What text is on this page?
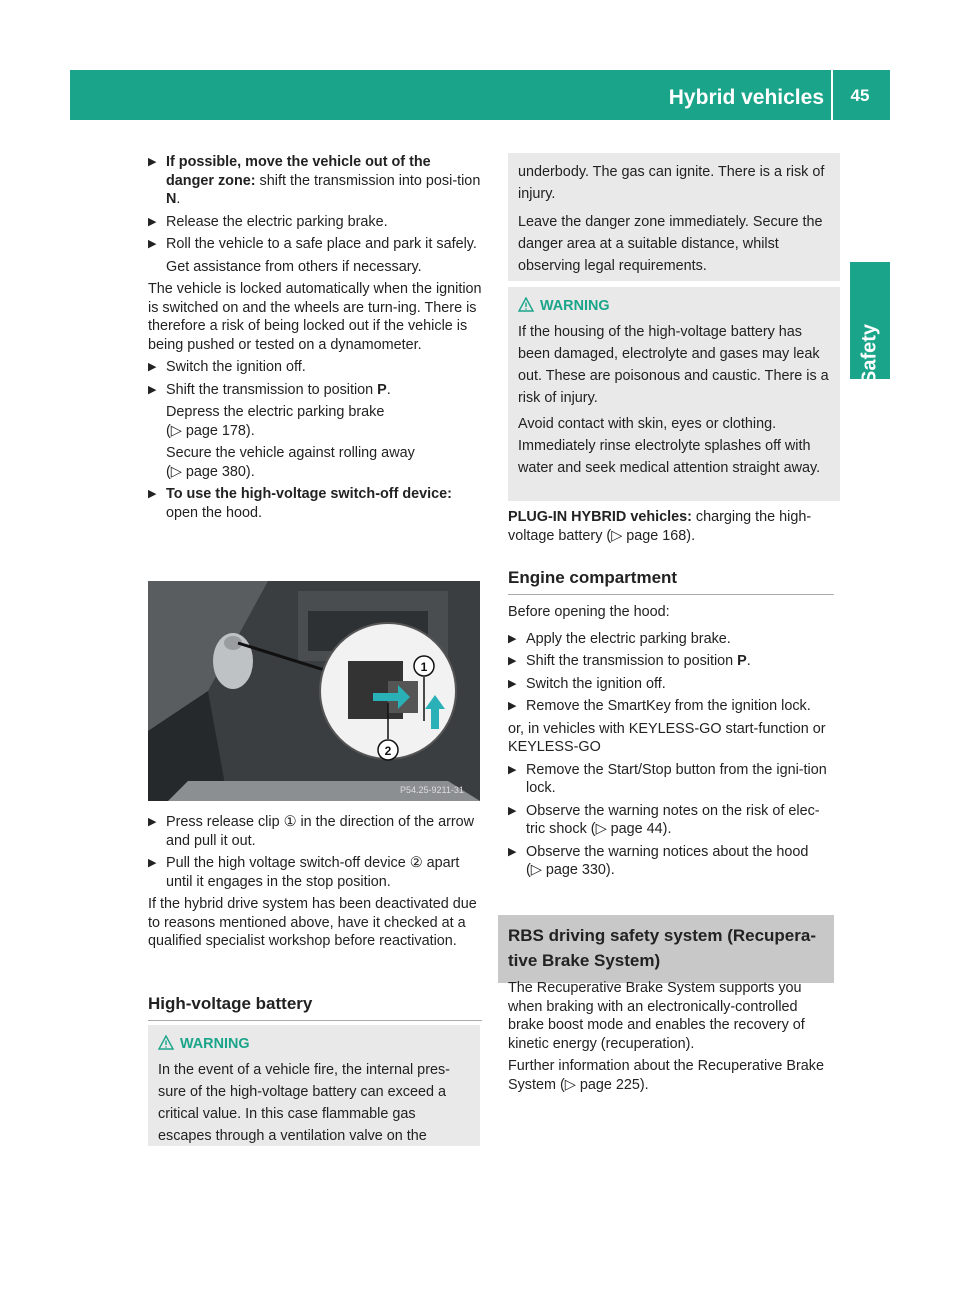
Hybrid vehicles	45
Safety
▶ If possible, move the vehicle out of the danger zone: shift the transmission into posi-tion N.
▶ Release the electric parking brake.
▶ Roll the vehicle to a safe place and park it safely.
Get assistance from others if necessary.

The vehicle is locked automatically when the ignition is switched on and the wheels are turn-ing. There is therefore a risk of being locked out if the vehicle is being pushed or tested on a dynamometer.

▶ Switch the ignition off.
▶ Shift the transmission to position P.
Depress the electric parking brake
(▷ page 178).
Secure the vehicle against rolling away
(▷ page 380).
▶ To use the high-voltage switch-off device:
open the hood.
1
2
P54.25-9211-31
▶ Press release clip ① in the direction of the arrow and pull it out.
▶ Pull the high voltage switch-off device ② apart until it engages in the stop position.

If the hybrid drive system has been deactivated due to reasons mentioned above, have it checked at a qualified specialist workshop before reactivation.

High-voltage battery
WARNING
In the event of a vehicle fire, the internal pres-sure of the high-voltage battery can exceed a critical value. In this case flammable gas escapes through a ventilation valve on the
underbody. The gas can ignite. There is a risk of injury.
Leave the danger zone immediately. Secure the danger area at a suitable distance, whilst observing legal requirements.
WARNING
If the housing of the high-voltage battery has been damaged, electrolyte and gases may leak out. These are poisonous and caustic. There is a risk of injury.
Avoid contact with skin, eyes or clothing. Immediately rinse electrolyte splashes off with water and seek medical attention straight away.
PLUG-IN HYBRID vehicles: charging the high-voltage battery (▷ page 168).
Engine compartment

Before opening the hood:

▶ Apply the electric parking brake.
▶ Shift the transmission to position P.
▶ Switch the ignition off.
▶ Remove the SmartKey from the ignition lock.

or, in vehicles with KEYLESS-GO start-function or KEYLESS-GO

▶ Remove the Start/Stop button from the igni-tion lock.
▶ Observe the warning notes on the risk of elec-tric shock (▷ page 44).
▶ Observe the warning notices about the hood
(▷ page 330).
RBS driving safety system (Recupera-tive Brake System)

The Recuperative Brake System supports you when braking with an electronically-controlled brake boost mode and enables the recovery of kinetic energy (recuperation).

Further information about the Recuperative Brake System (▷ page 225).
